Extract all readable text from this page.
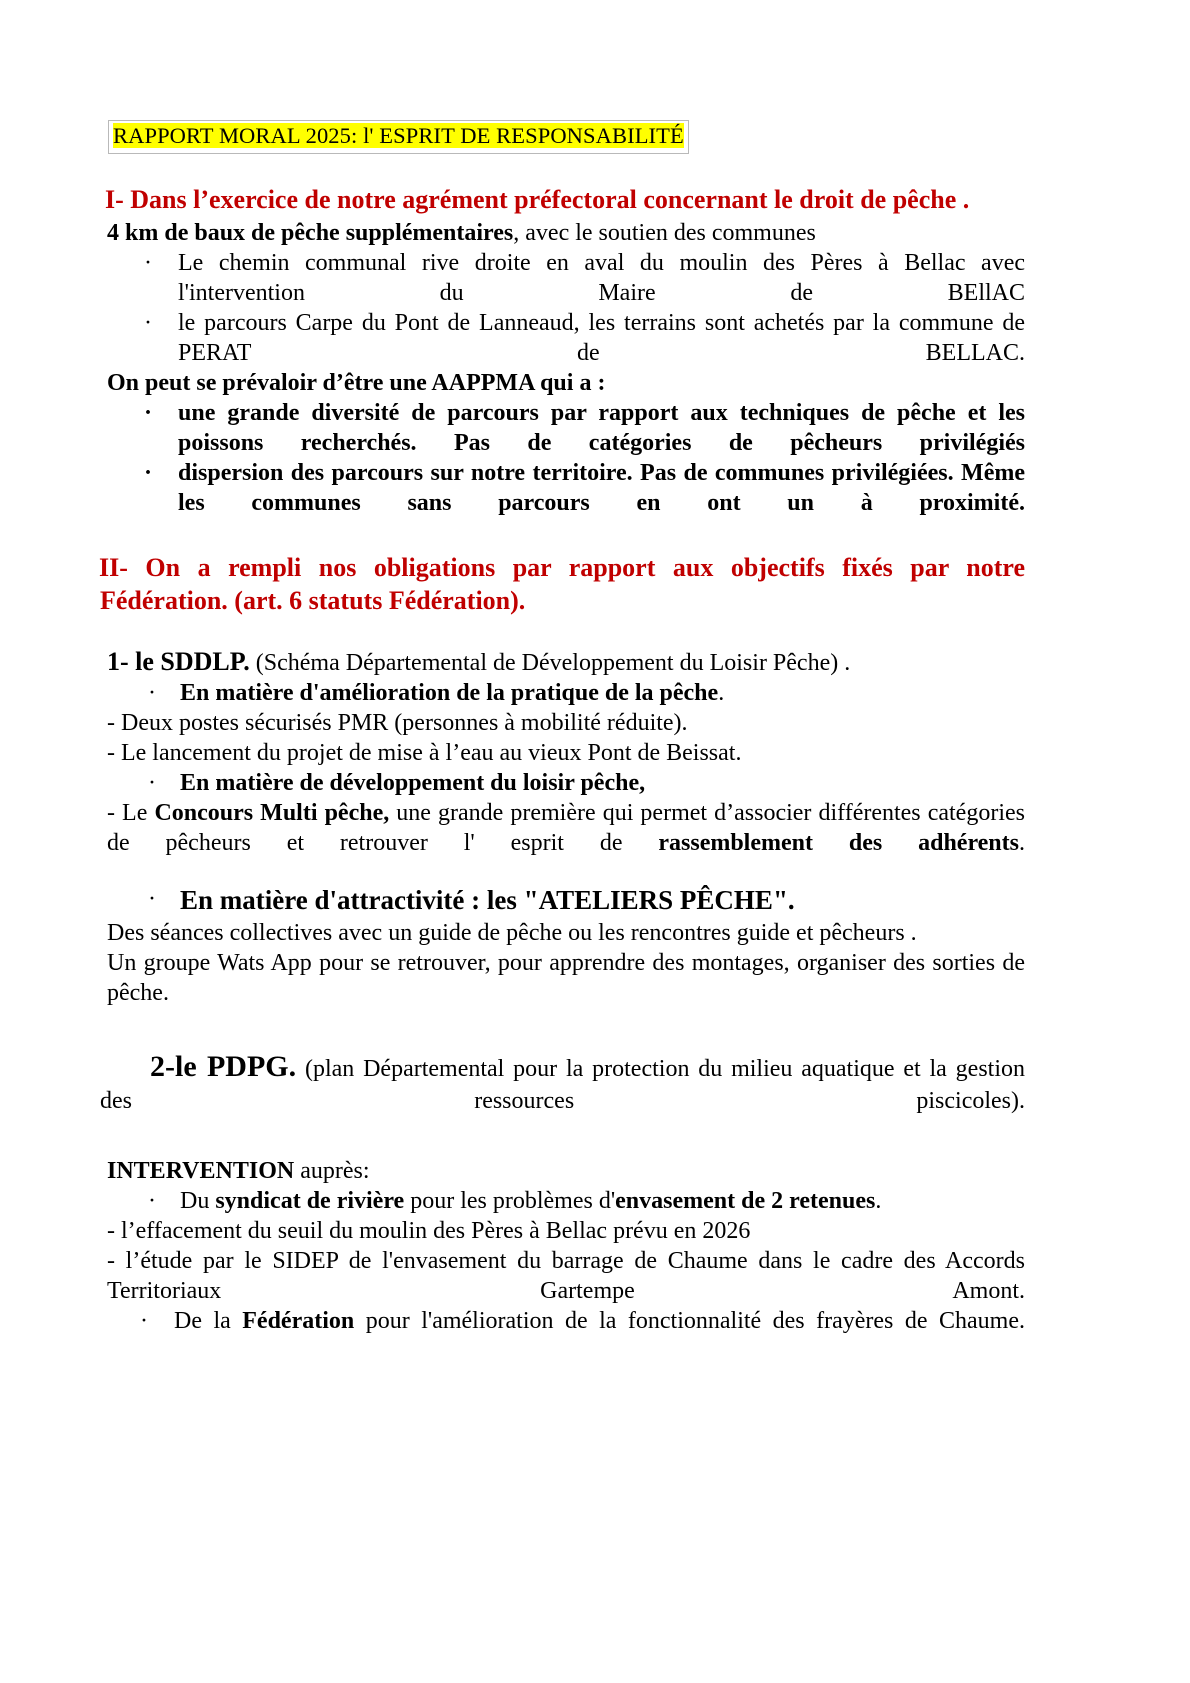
RAPPORT MORAL 2025: l' ESPRIT DE RESPONSABILITÉ

I- Dans l’exercice de notre agrément préfectoral concernant le droit de pêche .

4 km de baux de pêche supplémentaires, avec le soutien des communes

· Le chemin communal rive droite en aval du moulin des Pères à Bellac avec l'intervention du Maire de BEllAC
· le parcours Carpe du Pont de Lanneaud, les terrains sont achetés par la commune de PERAT de BELLAC.

On peut se prévaloir d’être une AAPPMA qui a :

· une grande diversité de parcours par rapport aux techniques de pêche et les poissons recherchés. Pas de catégories de pêcheurs privilégiés
· dispersion des parcours sur notre territoire. Pas de communes privilégiées. Même les communes sans parcours en ont un à proximité.

II- On a rempli nos obligations par rapport aux objectifs fixés par notre Fédération. (art. 6 statuts Fédération).

1- le SDDLP. (Schéma Départemental de Développement du Loisir Pêche) .

· En matière d'amélioration de la pratique de la pêche.

- Deux postes sécurisés PMR (personnes à mobilité réduite).

- Le lancement du projet de mise à l’eau au vieux Pont de Beissat.

· En matière de développement du loisir pêche,

- Le Concours Multi pêche, une grande première qui permet d’associer différentes catégories de pêcheurs et retrouver l' esprit de rassemblement des adhérents.

· En matière d'attractivité : les "ATELIERS PÊCHE".

Des séances collectives avec un guide de pêche ou les rencontres guide et pêcheurs .

Un groupe Wats App pour se retrouver, pour apprendre des montages, organiser des sorties de pêche.

2-le PDPG. (plan Départemental pour la protection du milieu aquatique et la gestion des ressources piscicoles).

INTERVENTION auprès:

· Du syndicat de rivière pour les problèmes d'envasement de 2 retenues.

- l’effacement du seuil du moulin des Pères à Bellac prévu en 2026

- l’étude par le SIDEP de l'envasement du barrage de Chaume dans le cadre des Accords Territoriaux Gartempe Amont.

· De la Fédération pour l'amélioration de la fonctionnalité des frayères de Chaume.
